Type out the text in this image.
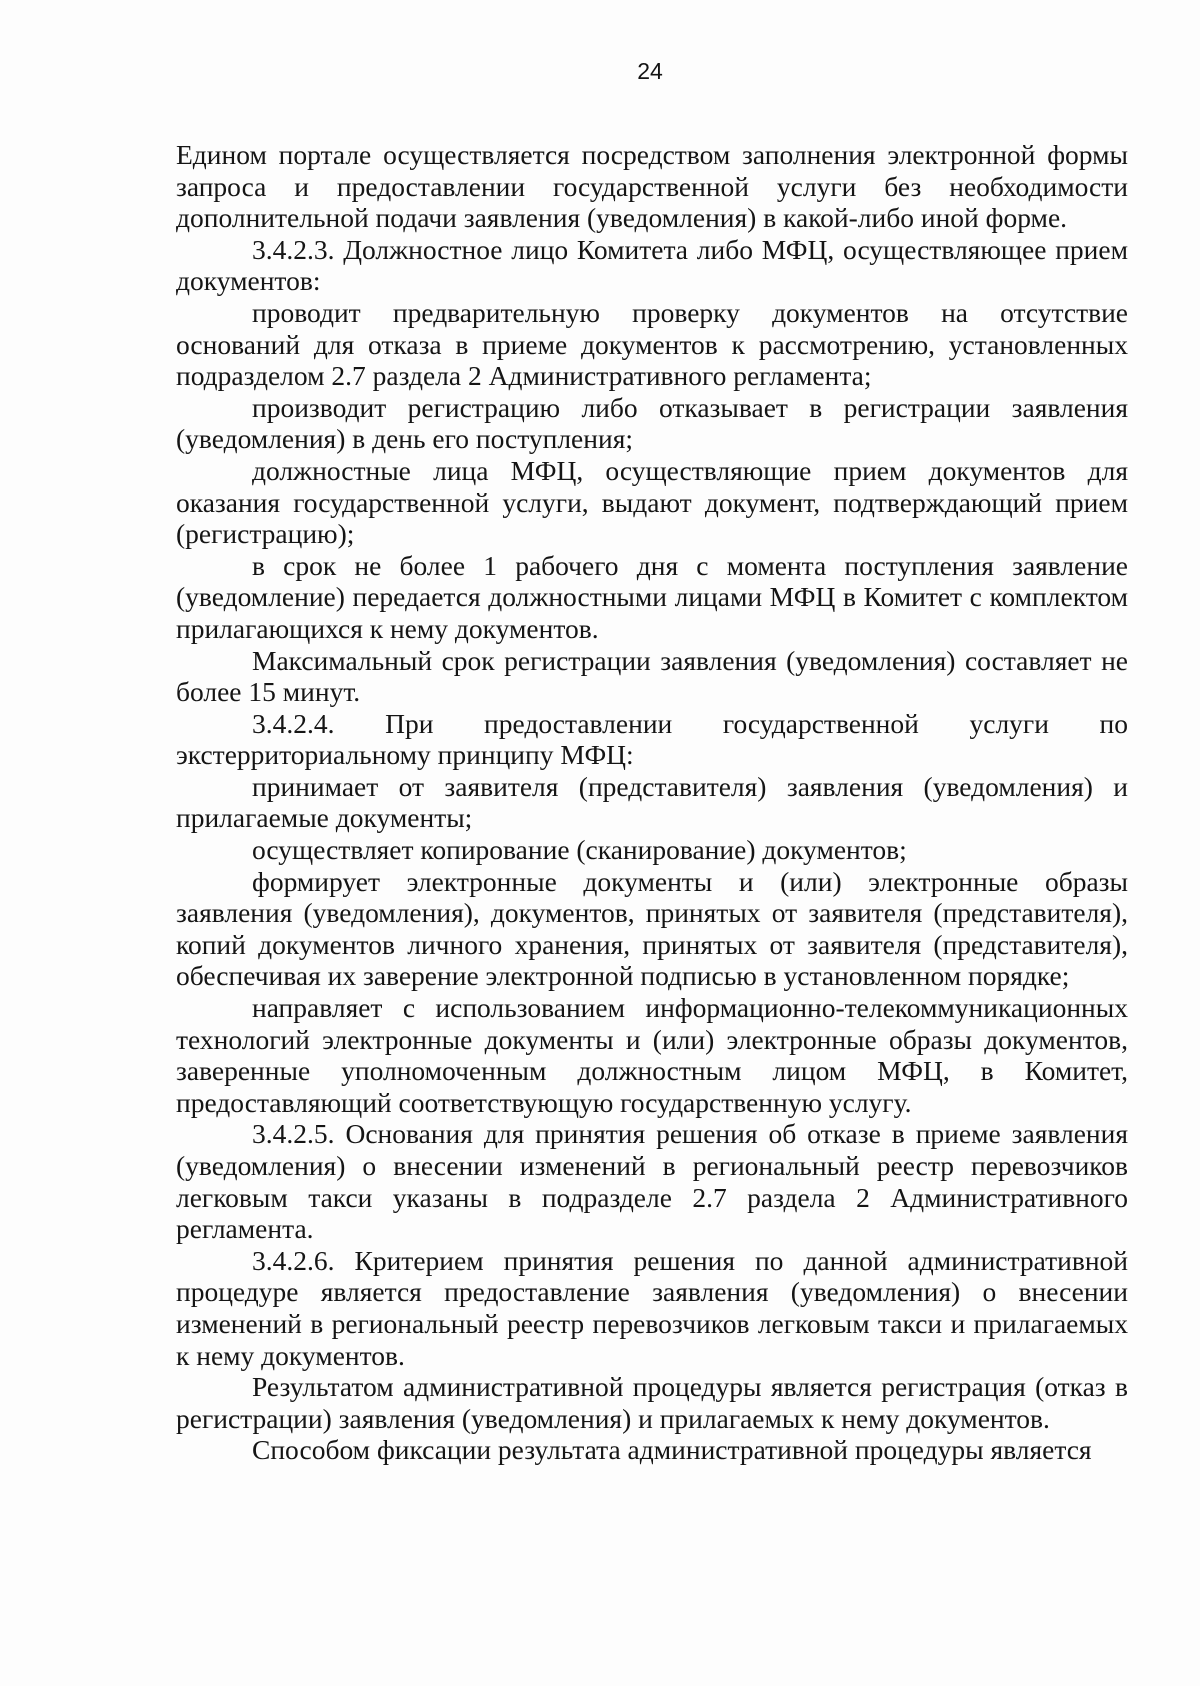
24

Едином портале осуществляется посредством заполнения электронной формы запроса и предоставлении государственной услуги без необходимости дополнительной подачи заявления (уведомления) в какой-либо иной форме.

3.4.2.3. Должностное лицо Комитета либо МФЦ, осуществляющее прием документов:

проводит предварительную проверку документов на отсутствие оснований для отказа в приеме документов к рассмотрению, установленных подразделом 2.7 раздела 2 Административного регламента;

производит регистрацию либо отказывает в регистрации заявления (уведомления) в день его поступления;

должностные лица МФЦ, осуществляющие прием документов для оказания государственной услуги, выдают документ, подтверждающий прием (регистрацию);

в срок не более 1 рабочего дня с момента поступления заявление (уведомление) передается должностными лицами МФЦ в Комитет с комплектом прилагающихся к нему документов.

Максимальный срок регистрации заявления (уведомления) составляет не более 15 минут.

3.4.2.4. При предоставлении государственной услуги по экстерриториальному принципу МФЦ:

принимает от заявителя (представителя) заявления (уведомления) и прилагаемые документы;

осуществляет копирование (сканирование) документов;

формирует электронные документы и (или) электронные образы заявления (уведомления), документов, принятых от заявителя (представителя), копий документов личного хранения, принятых от заявителя (представителя), обеспечивая их заверение электронной подписью в установленном порядке;

направляет с использованием информационно-телекоммуникационных технологий электронные документы и (или) электронные образы документов, заверенные уполномоченным должностным лицом МФЦ, в Комитет, предоставляющий соответствующую государственную услугу.

3.4.2.5. Основания для принятия решения об отказе в приеме заявления (уведомления) о внесении изменений в региональный реестр перевозчиков легковым такси указаны в подразделе 2.7 раздела 2 Административного регламента.

3.4.2.6. Критерием принятия решения по данной административной процедуре является предоставление заявления (уведомления) о внесении изменений в региональный реестр перевозчиков легковым такси и прилагаемых к нему документов.

Результатом административной процедуры является регистрация (отказ в регистрации) заявления (уведомления) и прилагаемых к нему документов.

Способом фиксации результата административной процедуры является
